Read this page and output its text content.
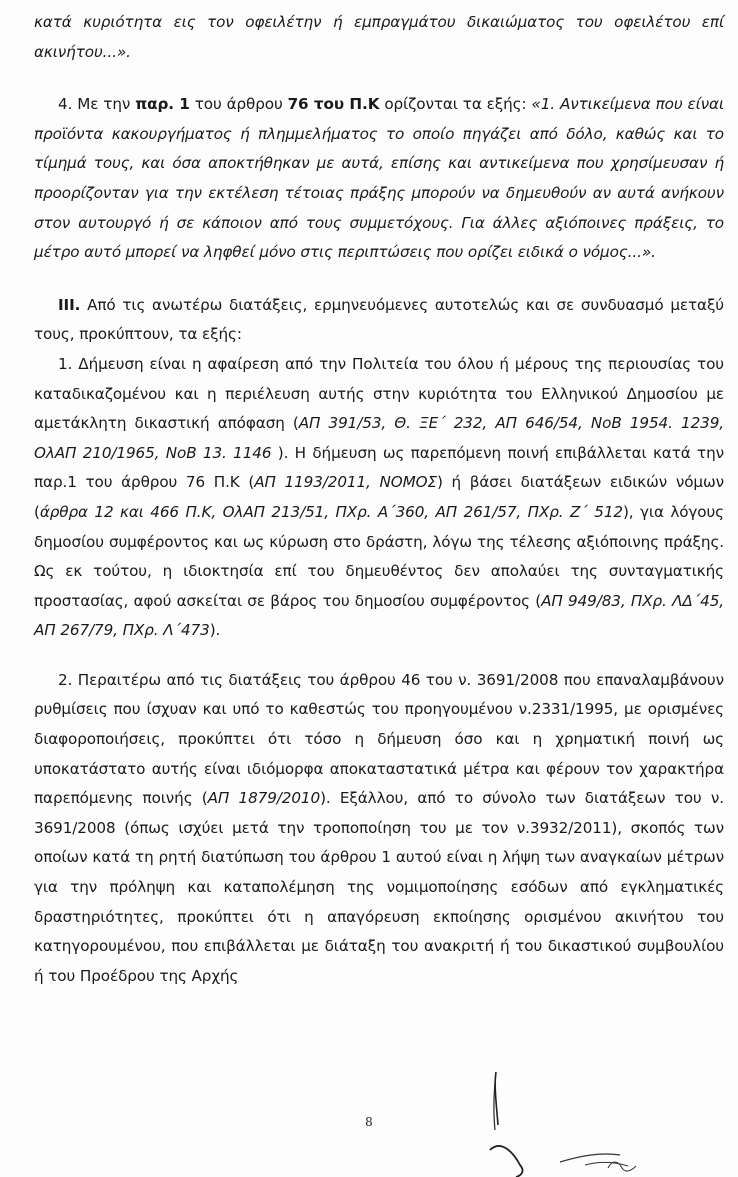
κατά κυριότητα εις τον οφειλέτην ή εμπραγμάτου δικαιώματος του οφειλέτου επί ακινήτου...».

4. Με την παρ. 1 του άρθρου 76 του Π.Κ ορίζονται τα εξής: «1. Αντικείμενα που είναι προϊόντα κακουργήματος ή πλημμελήματος το οποίο πηγάζει από δόλο, καθώς και το τίμημά τους, και όσα αποκτήθηκαν με αυτά, επίσης και αντικείμενα που χρησίμευσαν ή προορίζονταν για την εκτέλεση τέτοιας πράξης μπορούν να δημευθούν αν αυτά ανήκουν στον αυτουργό ή σε κάποιον από τους συμμετόχους. Για άλλες αξιόποινες πράξεις, το μέτρο αυτό μπορεί να ληφθεί μόνο στις περιπτώσεις που ορίζει ειδικά ο νόμος...».

III. Από τις ανωτέρω διατάξεις, ερμηνευόμενες αυτοτελώς και σε συνδυασμό μεταξύ τους, προκύπτουν, τα εξής:

1. Δήμευση είναι η αφαίρεση από την Πολιτεία του όλου ή μέρους της περιουσίας του καταδικαζομένου και η περιέλευση αυτής στην κυριότητα του Ελληνικού Δημοσίου με αμετάκλητη δικαστική απόφαση (ΑΠ 391/53, Θ. ΞΕ΄ 232, ΑΠ 646/54, ΝοΒ 1954. 1239, ΟλΑΠ 210/1965, ΝοΒ 13. 1146 ). Η δήμευση ως παρεπόμενη ποινή επιβάλλεται κατά την παρ.1 του άρθρου 76 Π.Κ (ΑΠ 1193/2011, ΝΟΜΟΣ) ή βάσει διατάξεων ειδικών νόμων (άρθρα 12 και 466 Π.Κ, ΟλΑΠ 213/51, ΠΧρ. Α΄360, ΑΠ 261/57, ΠΧρ. Ζ΄ 512), για λόγους δημοσίου συμφέροντος και ως κύρωση στο δράστη, λόγω της τέλεσης αξιόποινης πράξης. Ως εκ τούτου, η ιδιοκτησία επί του δημευθέντος δεν απολαύει της συνταγματικής προστασίας, αφού ασκείται σε βάρος του δημοσίου συμφέροντος (ΑΠ 949/83, ΠΧρ. ΛΔ΄45, ΑΠ 267/79, ΠΧρ. Λ΄473).

2. Περαιτέρω από τις διατάξεις του άρθρου 46 του ν. 3691/2008 που επαναλαμβάνουν ρυθμίσεις που ίσχυαν και υπό το καθεστώς του προηγουμένου ν.2331/1995, με ορισμένες διαφοροποιήσεις, προκύπτει ότι τόσο η δήμευση όσο και η χρηματική ποινή ως υποκατάστατο αυτής είναι ιδιόμορφα αποκαταστατικά μέτρα και φέρουν τον χαρακτήρα παρεπόμενης ποινής (ΑΠ 1879/2010). Εξάλλου, από το σύνολο των διατάξεων του ν. 3691/2008 (όπως ισχύει μετά την τροποποίηση του με τον ν.3932/2011), σκοπός των οποίων κατά τη ρητή διατύπωση του άρθρου 1 αυτού είναι η λήψη των αναγκαίων μέτρων για την πρόληψη και καταπολέμηση της νομιμοποίησης εσόδων από εγκληματικές δραστηριότητες, προκύπτει ότι η απαγόρευση εκποίησης ορισμένου ακινήτου του κατηγορουμένου, που επιβάλλεται με διάταξη του ανακριτή ή του δικαστικού συμβουλίου ή του Προέδρου της Αρχής

8
